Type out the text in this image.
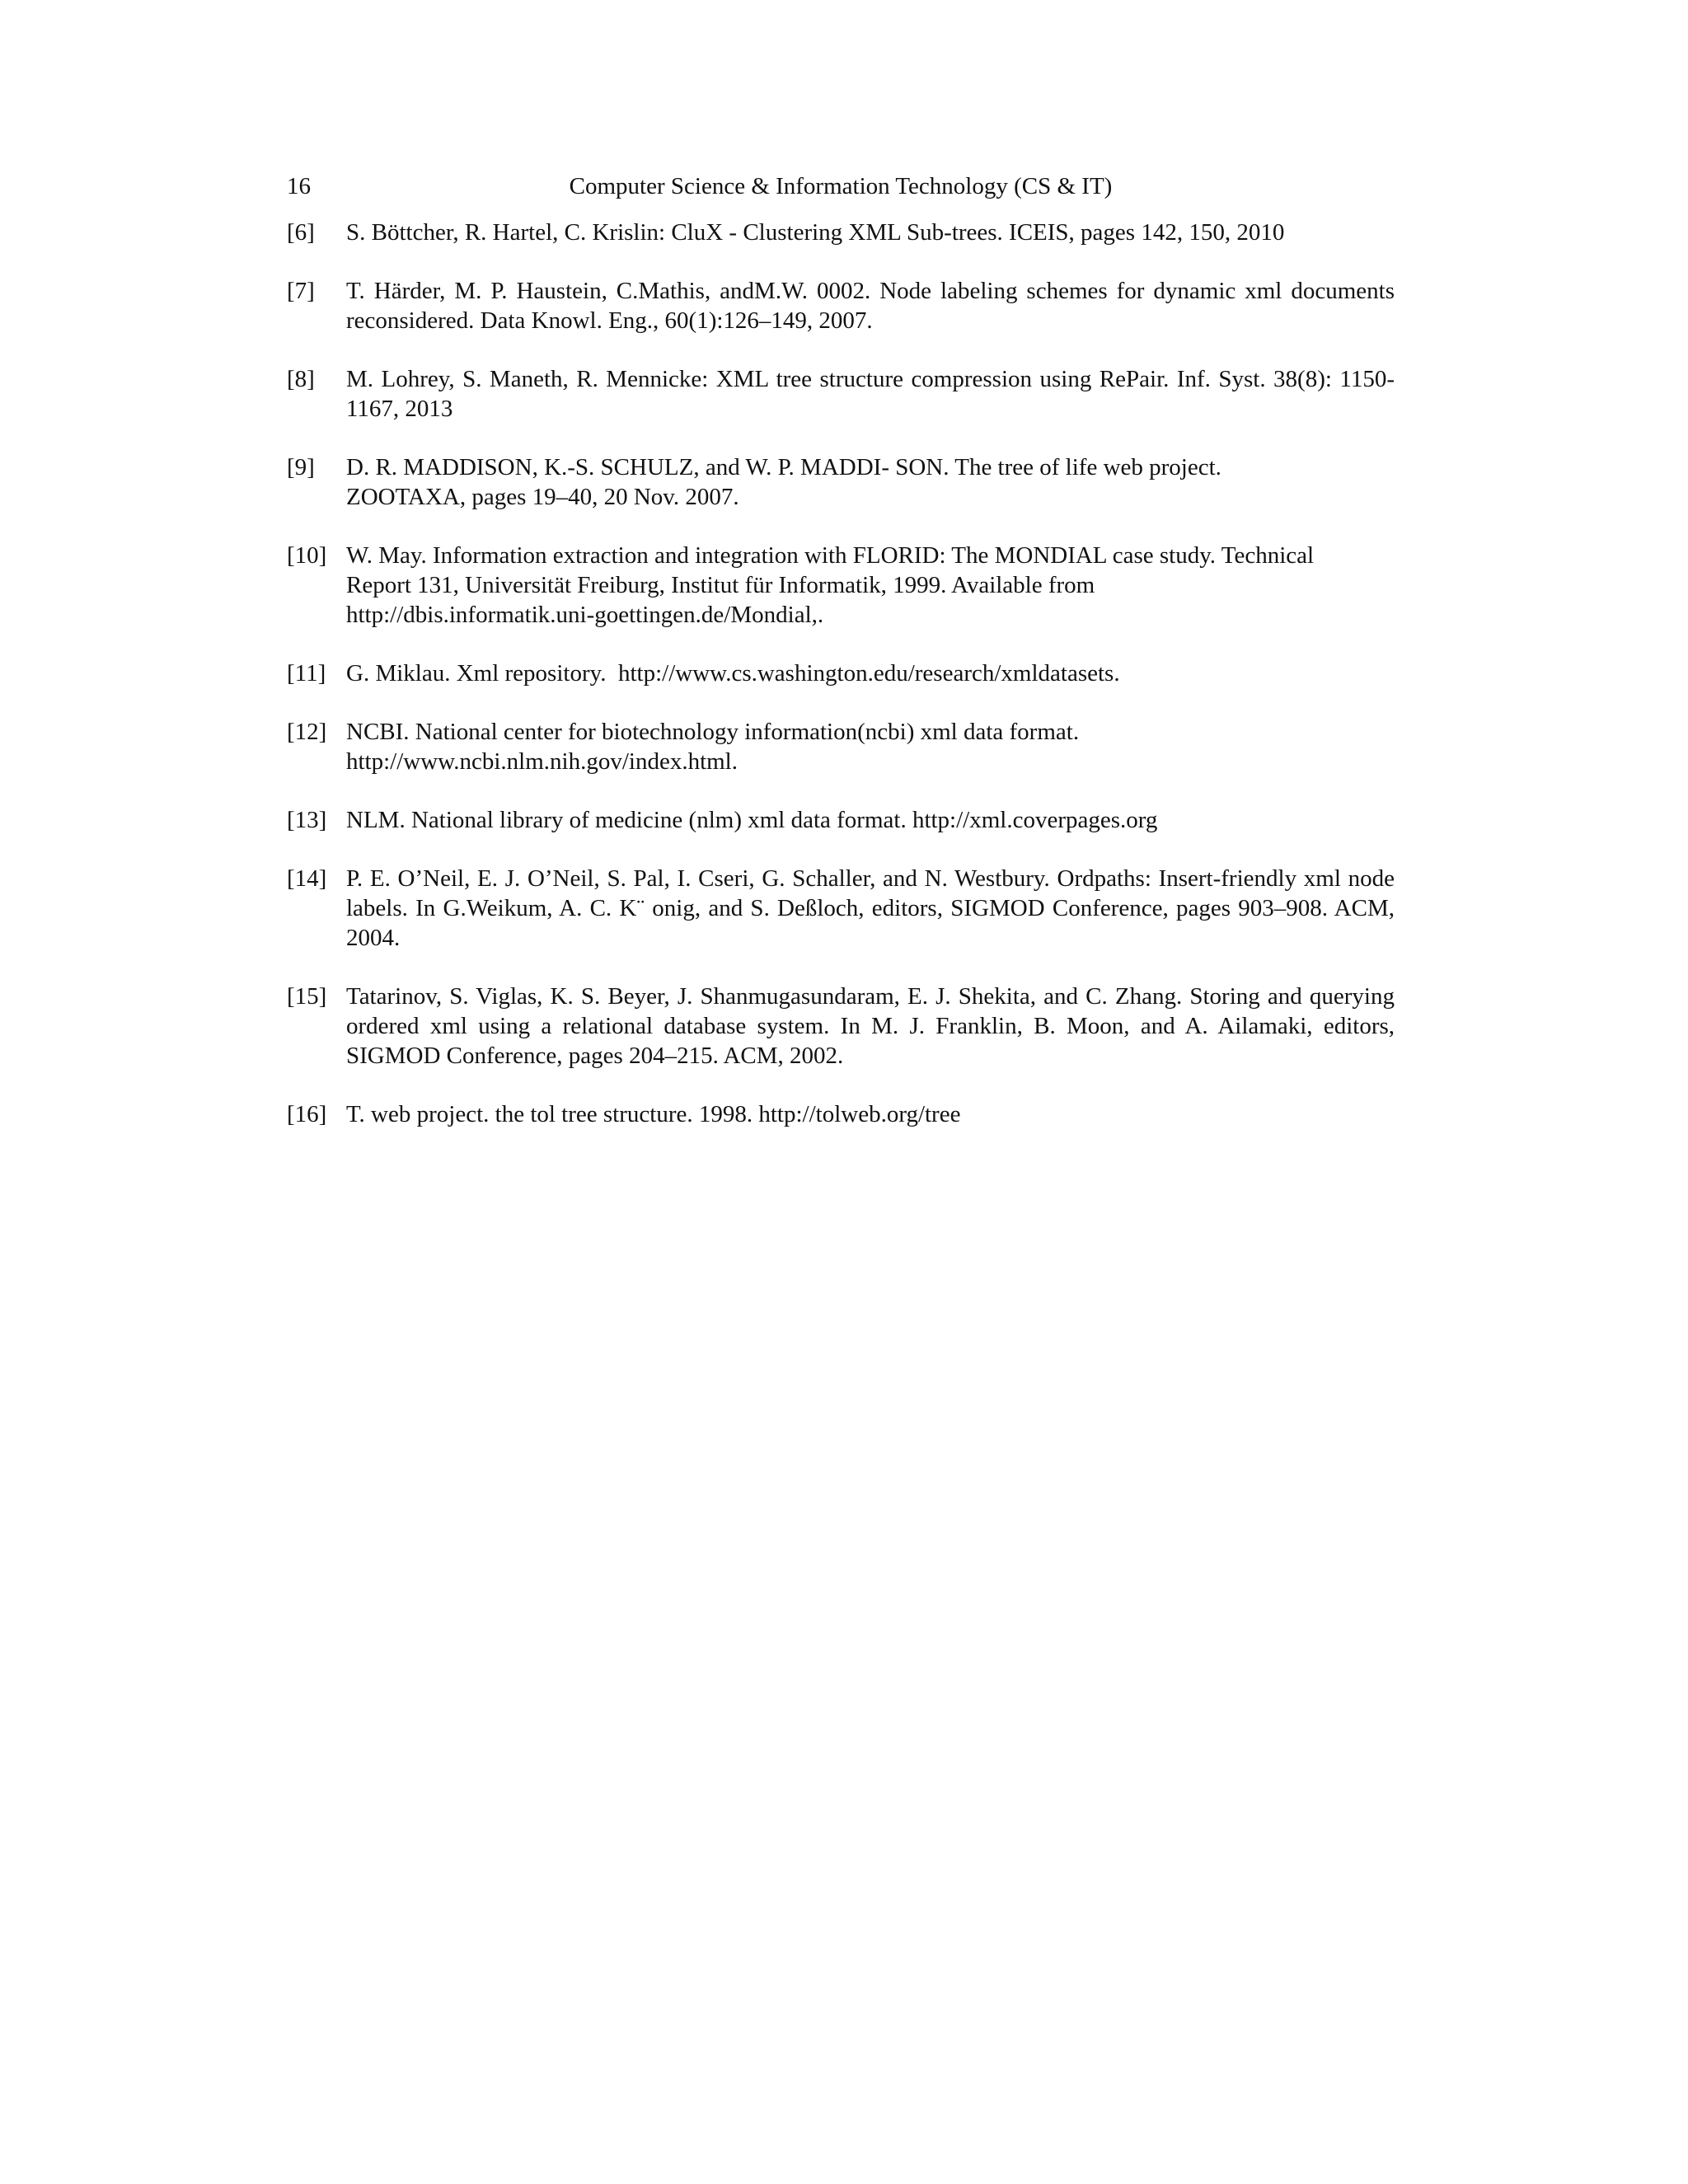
16	Computer Science & Information Technology (CS & IT)
[6]	S. Böttcher, R. Hartel, C. Krislin: CluX - Clustering XML Sub-trees. ICEIS, pages 142, 150, 2010
[7]	T. Härder, M. P. Haustein, C.Mathis, andM.W. 0002. Node labeling schemes for dynamic xml documents reconsidered. Data Knowl. Eng., 60(1):126–149, 2007.
[8]	M. Lohrey, S. Maneth, R. Mennicke: XML tree structure compression using RePair. Inf. Syst. 38(8): 1150-1167, 2013
[9]	D. R. MADDISON, K.-S. SCHULZ, and W. P. MADDI- SON. The tree of life web project.
ZOOTAXA, pages 19–40, 20 Nov. 2007.
[10] W. May. Information extraction and integration with FLORID: The MONDIAL case study. Technical
Report 131, Universität Freiburg, Institut für Informatik, 1999. Available from
http://dbis.informatik.uni-goettingen.de/Mondial,.
[11] G. Miklau. Xml repository.  http://www.cs.washington.edu/research/xmldatasets.
[12] NCBI. National center for biotechnology information(ncbi) xml data format.
http://www.ncbi.nlm.nih.gov/index.html.
[13] NLM. National library of medicine (nlm) xml data format. http://xml.coverpages.org
[14] P. E. O’Neil, E. J. O’Neil, S. Pal, I. Cseri, G. Schaller, and N. Westbury. Ordpaths: Insert-friendly xml node labels. In G.Weikum, A. C. K¨ onig, and S. Deßloch, editors, SIGMOD Conference, pages 903–908. ACM, 2004.
[15] Tatarinov, S. Viglas, K. S. Beyer, J. Shanmugasundaram, E. J. Shekita, and C. Zhang. Storing and querying ordered xml using a relational database system. In M. J. Franklin, B. Moon, and A. Ailamaki, editors, SIGMOD Conference, pages 204–215. ACM, 2002.
[16] T. web project. the tol tree structure. 1998. http://tolweb.org/tree
